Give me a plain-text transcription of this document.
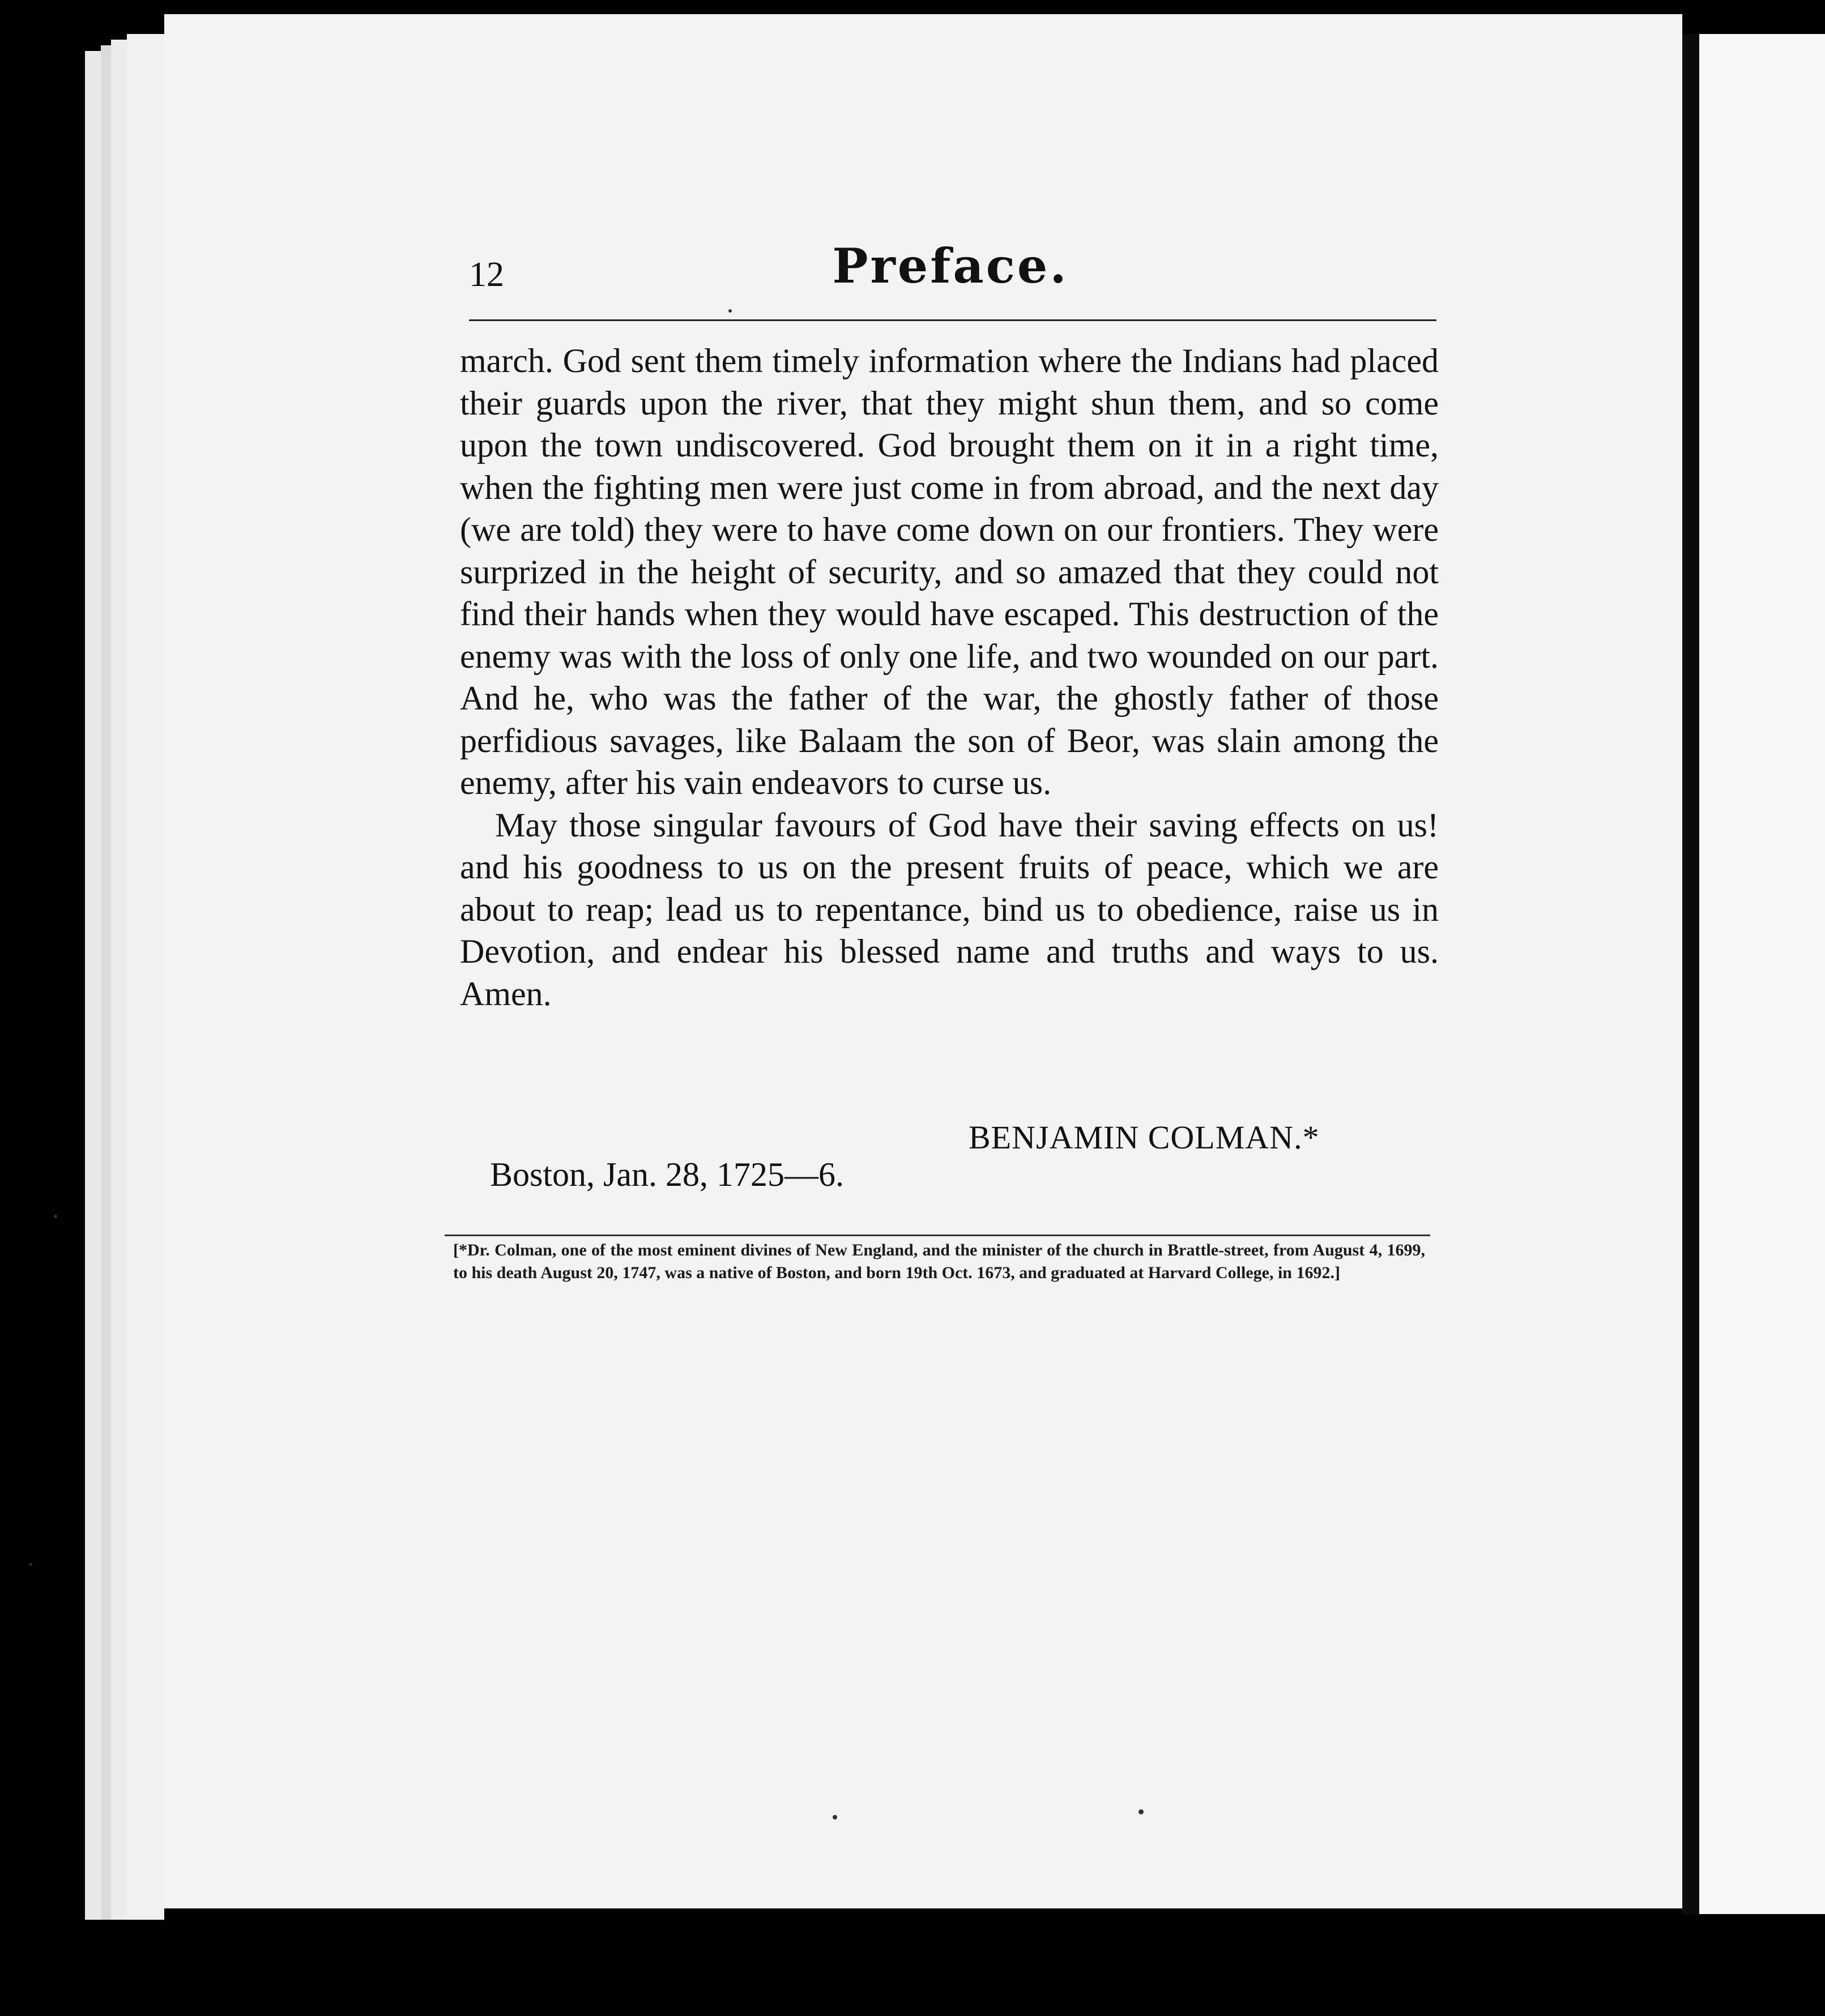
12	Preface.

march. God sent them timely information where the Indians had placed their guards upon the river, that they might shun them, and so come upon the town undiscovered. God brought them on it in a right time, when the fighting men were just come in from abroad, and the next day (we are told) they were to have come down on our frontiers. They were surprized in the height of security, and so amazed that they could not find their hands when they would have escaped. This destruction of the enemy was with the loss of only one life, and two wounded on our part. And he, who was the father of the war, the ghostly father of those perfidious savages, like Balaam the son of Beor, was slain among the enemy, after his vain endeavors to curse us.

May those singular favours of God have their saving effects on us! and his goodness to us on the present fruits of peace, which we are about to reap; lead us to repentance, bind us to obedience, raise us in Devotion, and endear his blessed name and truths and ways to us. Amen.

BENJAMIN COLMAN.*
Boston, Jan. 28, 1725—6.
[*Dr. Colman, one of the most eminent divines of New England, and the minister of the church in Brattle-street, from August 4, 1699, to his death August 20, 1747, was a native of Boston, and born 19th Oct. 1673, and graduated at Harvard College, in 1692.]
